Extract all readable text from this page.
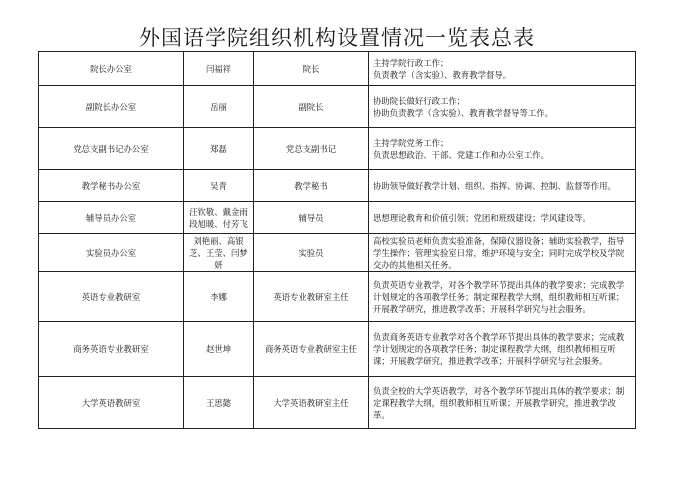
外国语学院组织机构设置情况一览表总表
院长办公室	闫福祥	院长	主持学院行政工作；
负责教学（含实验）、教育教学督导。

副院长办公室	岳丽	副院长	协助院长做好行政工作；
协助负责教学（含实验）、教育教学督导等工作。

党总支副书记办公室	郑磊	党总支副书记	主持学院党务工作；
负责思想政治、干部、党建工作和办公室工作。

教学秘书办公室	吴青	教学秘书	协助领导做好教学计划、组织、指挥、协调、控制、监督等作用。

辅导员办公室	汪钦敬、戴金雨段旭暖、付芳飞	辅导员	思想理论教育和价值引领；党团和班级建设；学风建设等。

实验员办公室	刘艳丽、高银芝、王莹、闫梦妍	实验员	高校实验员老师负责实验准备，保障仪器设备；辅助实验教学，指导学生操作；管理实验室日常，维护环境与安全；同时完成学校及学院交办的其他相关任务。

英语专业教研室	李娜	英语专业教研室主任	负责英语专业教学，对各个教学环节提出具体的教学要求；完成教学计划规定的各项教学任务；制定课程教学大纲，组织教师相互听课；开展教学研究，推进教学改革；开展科学研究与社会服务。

商务英语专业教研室	赵世坤	商务英语专业教研室主任	负责商务英语专业教学对各个教学环节提出具体的教学要求；完成教学计划规定的各项教学任务；制定课程教学大纲，组织教师相互听课；开展教学研究，推进教学改革；开展科学研究与社会服务。

大学英语教研室	王思懿	大学英语教研室主任	负责全校的大学英语教学，对各个教学环节提出具体的教学要求；制定课程教学大纲，组织教师相互听课；开展教学研究，推进教学改革。
